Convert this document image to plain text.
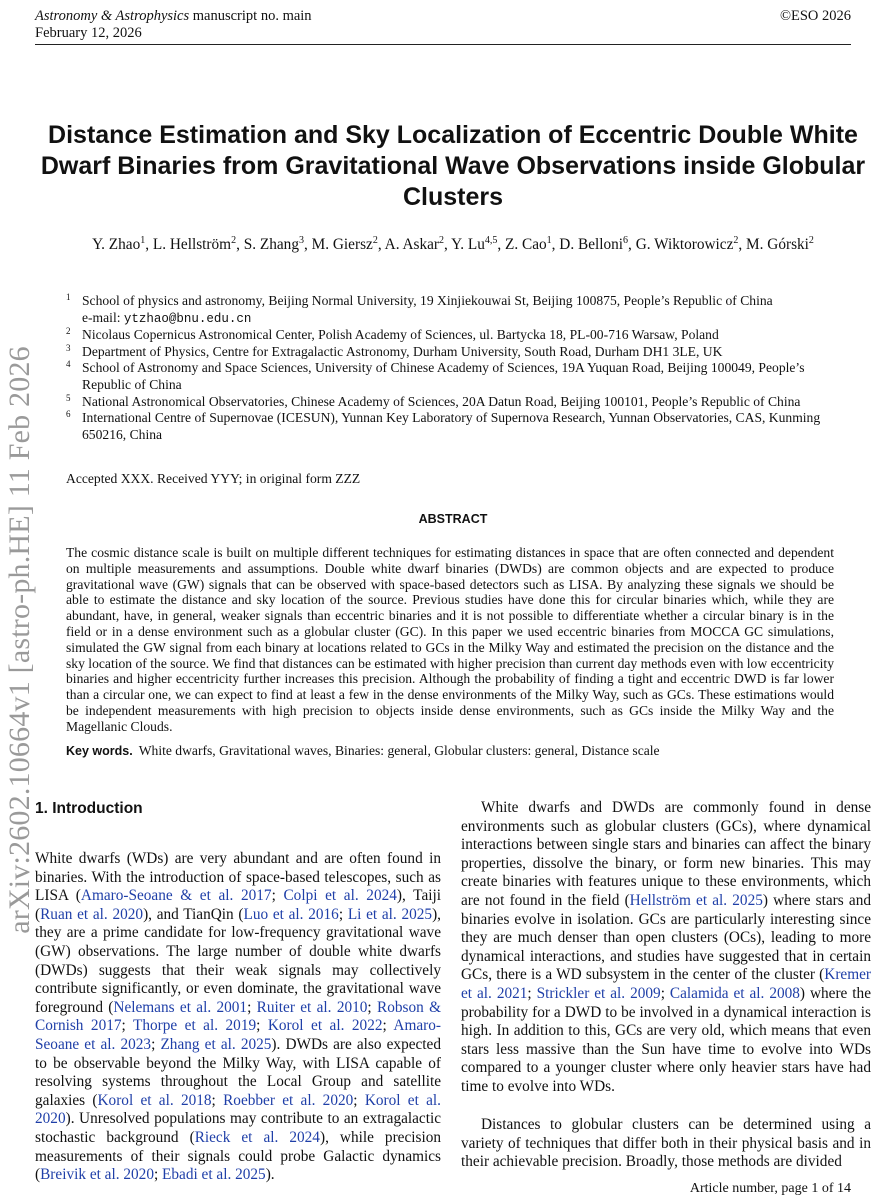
Astronomy & Astrophysics manuscript no. main	©ESO 2026
February 12, 2026
arXiv:2602.10664v1 [astro-ph.HE] 11 Feb 2026
Distance Estimation and Sky Localization of Eccentric Double White Dwarf Binaries from Gravitational Wave Observations inside Globular Clusters
Y. Zhao$^1$, L. Hellström$^2$, S. Zhang$^3$, M. Giersz$^2$, A. Askar$^2$, Y. Lu$^{4,5}$, Z. Cao$^1$, D. Belloni$^6$, G. Wiktorowicz$^2$, M. Górski$^2$
1 School of physics and astronomy, Beijing Normal University, 19 Xinjiekouwai St, Beijing 100875, People’s Republic of China
e-mail: ytzhao@bnu.edu.cn
2 Nicolaus Copernicus Astronomical Center, Polish Academy of Sciences, ul. Bartycka 18, PL-00-716 Warsaw, Poland
3 Department of Physics, Centre for Extragalactic Astronomy, Durham University, South Road, Durham DH1 3LE, UK
4 School of Astronomy and Space Sciences, University of Chinese Academy of Sciences, 19A Yuquan Road, Beijing 100049, People’s Republic of China
5 National Astronomical Observatories, Chinese Academy of Sciences, 20A Datun Road, Beijing 100101, People’s Republic of China
6 International Centre of Supernovae (ICESUN), Yunnan Key Laboratory of Supernova Research, Yunnan Observatories, CAS, Kunming 650216, China
Accepted XXX. Received YYY; in original form ZZZ
ABSTRACT
The cosmic distance scale is built on multiple different techniques for estimating distances in space that are often connected and dependent on multiple measurements and assumptions. Double white dwarf binaries (DWDs) are common objects and are expected to produce gravitational wave (GW) signals that can be observed with space-based detectors such as LISA. By analyzing these signals we should be able to estimate the distance and sky location of the source. Previous studies have done this for circular binaries which, while they are abundant, have, in general, weaker signals than eccentric binaries and it is not possible to differentiate whether a circular binary is in the field or in a dense environment such as a globular cluster (GC). In this paper we used eccentric binaries from MOCCA GC simulations, simulated the GW signal from each binary at locations related to GCs in the Milky Way and estimated the precision on the distance and the sky location of the source. We find that distances can be estimated with higher precision than current day methods even with low eccentricity binaries and higher eccentricity further increases this precision. Although the probability of finding a tight and eccentric DWD is far lower than a circular one, we can expect to find at least a few in the dense environments of the Milky Way, such as GCs. These estimations would be independent measurements with high precision to objects inside dense environments, such as GCs inside the Milky Way and the Magellanic Clouds.
Key words. White dwarfs, Gravitational waves, Binaries: general, Globular clusters: general, Distance scale
1. Introduction
White dwarfs (WDs) are very abundant and are often found in binaries. With the introduction of space-based telescopes, such as LISA (Amaro-Seoane & et al. 2017; Colpi et al. 2024), Taiji (Ruan et al. 2020), and TianQin (Luo et al. 2016; Li et al. 2025), they are a prime candidate for low-frequency gravitational wave (GW) observations. The large number of double white dwarfs (DWDs) suggests that their weak signals may collectively contribute significantly, or even dominate, the gravitational wave foreground (Nelemans et al. 2001; Ruiter et al. 2010; Robson & Cornish 2017; Thorpe et al. 2019; Korol et al. 2022; Amaro-Seoane et al. 2023; Zhang et al. 2025). DWDs are also expected to be observable beyond the Milky Way, with LISA capable of resolving systems throughout the Local Group and satellite galaxies (Korol et al. 2018; Roebber et al. 2020; Korol et al. 2020). Unresolved populations may contribute to an extragalactic stochastic background (Rieck et al. 2024), while precision measurements of their signals could probe Galactic dynamics (Breivik et al. 2020; Ebadi et al. 2025).
White dwarfs and DWDs are commonly found in dense environments such as globular clusters (GCs), where dynamical interactions between single stars and binaries can affect the binary properties, dissolve the binary, or form new binaries. This may create binaries with features unique to these environments, which are not found in the field (Hellström et al. 2025) where stars and binaries evolve in isolation. GCs are particularly interesting since they are much denser than open clusters (OCs), leading to more dynamical interactions, and studies have suggested that in certain GCs, there is a WD subsystem in the center of the cluster (Kremer et al. 2021; Strickler et al. 2009; Calamida et al. 2008) where the probability for a DWD to be involved in a dynamical interaction is high. In addition to this, GCs are very old, which means that even stars less massive than the Sun have time to evolve into WDs compared to a younger cluster where only heavier stars have had time to evolve into WDs.
Distances to globular clusters can be determined using a variety of techniques that differ both in their physical basis and in their achievable precision. Broadly, those methods are divided
Article number, page 1 of 14
